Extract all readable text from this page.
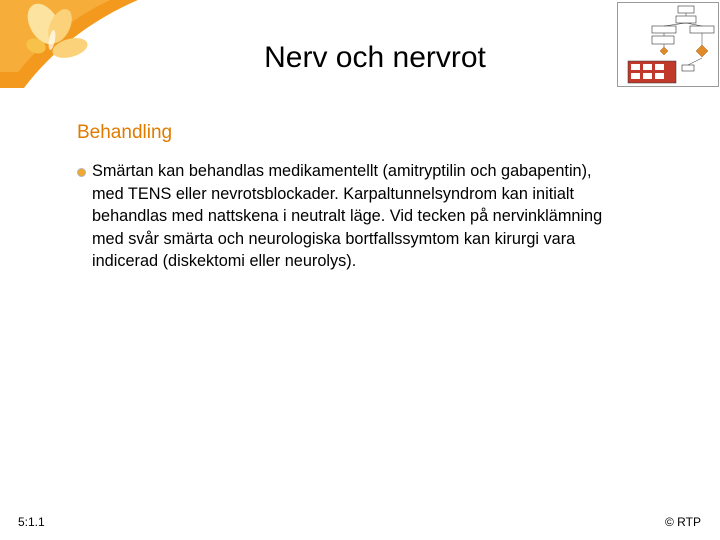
Nerv och nervrot
Behandling
Smärtan kan behandlas medikamentellt (amitryptilin och gabapentin),
med TENS eller nevrotsblockader. Karpaltunnelsyndrom kan initialt
behandlas med nattskena i neutralt läge. Vid tecken på nervinklämning
med svår smärta och neurologiska bortfallssymtom kan kirurgi vara
indicerad (diskektomi eller neurolys).
5:1.1	© RTP
